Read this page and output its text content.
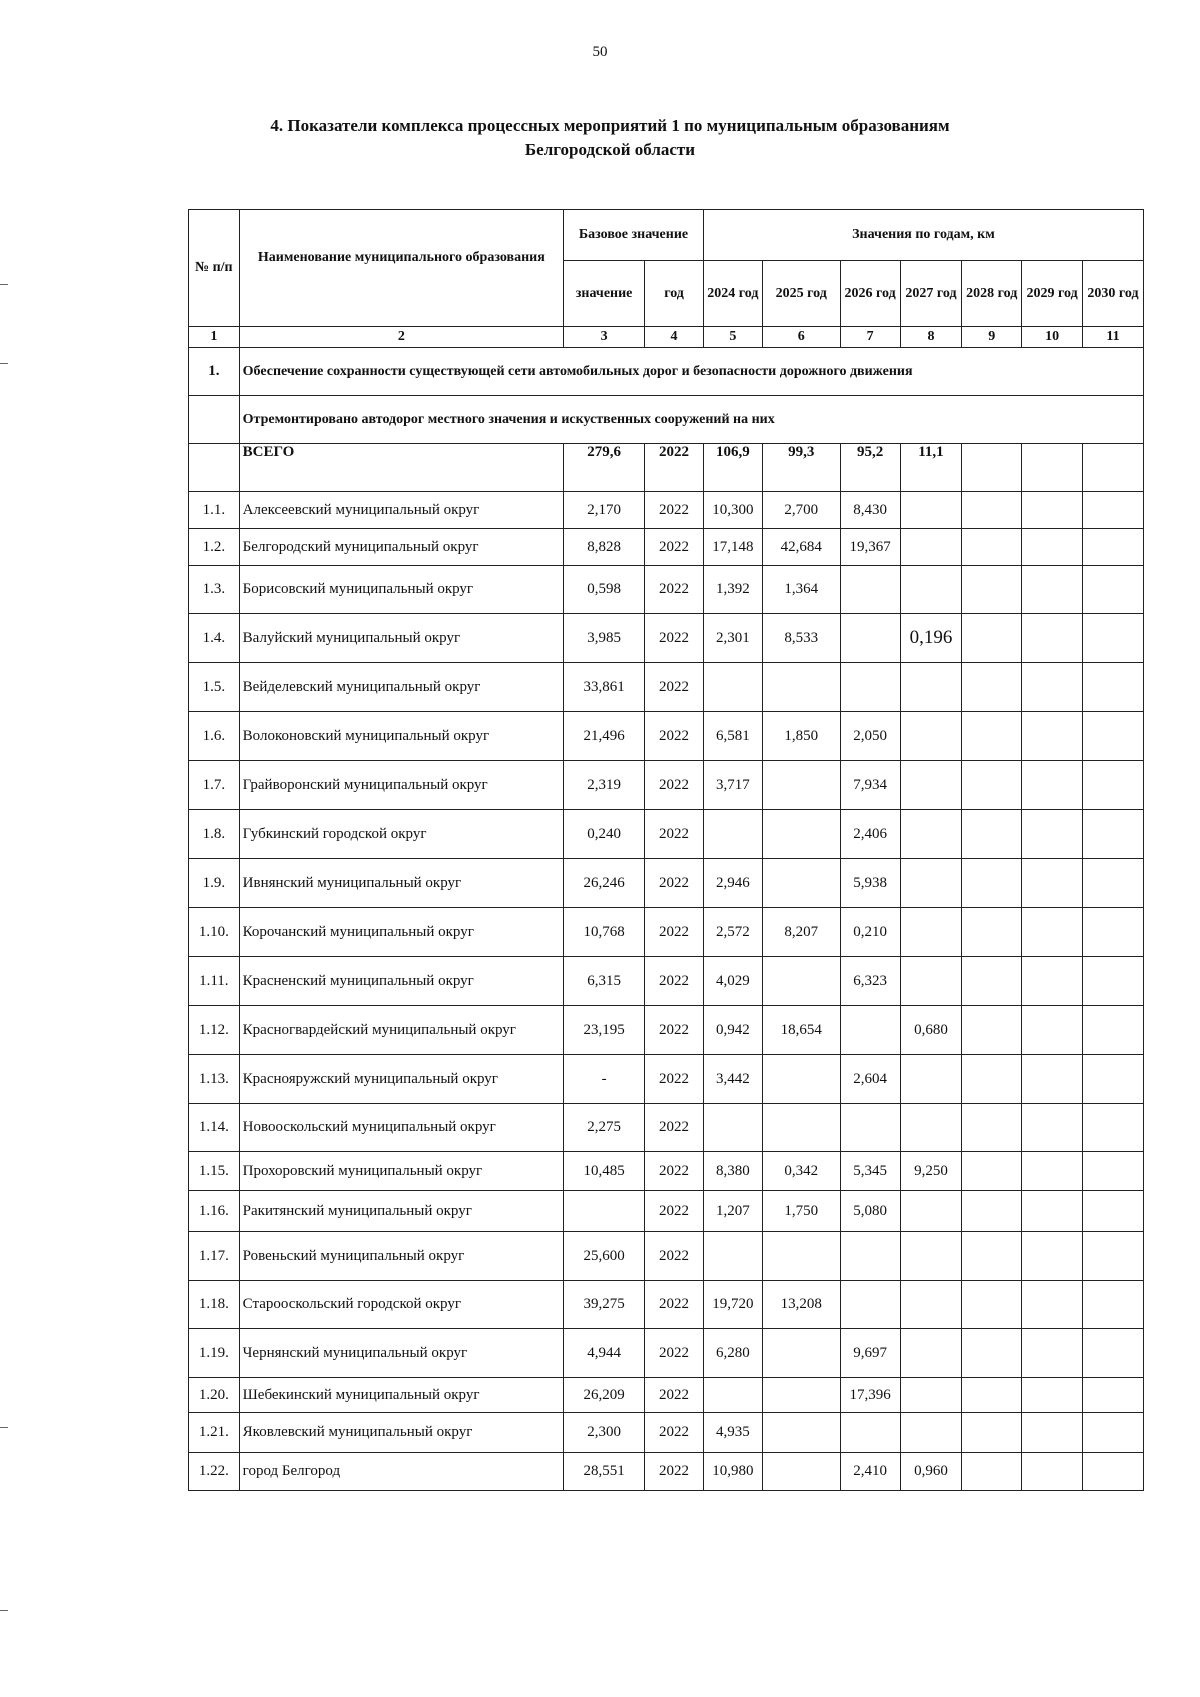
50
4. Показатели комплекса процессных мероприятий 1 по муниципальным образованиям
Белгородской области
№ п/п	Наименование муниципального образования	Базовое значение		Значения по годам, км						
		значение	год	2024 год	2025 год	2026 год	2027 год	2028 год	2029 год	2030 год
1	2	3	4	5	6	7	8	9	10	11
1.	Обеспечение сохранности существующей сети автомобильных дорог и безопасности дорожного движения									
	Отремонтировано автодорог местного значения и искуственных сооружений на них									
	ВСЕГО	279,6	2022	106,9	99,3	95,2	11,1			
1.1.	Алексеевский муниципальный округ	2,170	2022	10,300	2,700	8,430				
1.2.	Белгородский муниципальный округ	8,828	2022	17,148	42,684	19,367				
1.3.	Борисовский муниципальный округ	0,598	2022	1,392	1,364					
1.4.	Валуйский муниципальный округ	3,985	2022	2,301	8,533		0,196			
1.5.	Вейделевский муниципальный округ	33,861	2022							
1.6.	Волоконовский муниципальный округ	21,496	2022	6,581	1,850	2,050				
1.7.	Грайворонский муниципальный округ	2,319	2022	3,717		7,934				
1.8.	Губкинский городской округ	0,240	2022			2,406				
1.9.	Ивнянский муниципальный округ	26,246	2022	2,946		5,938				
1.10.	Корочанский муниципальный округ	10,768	2022	2,572	8,207	0,210				
1.11.	Красненский муниципальный округ	6,315	2022	4,029		6,323				
1.12.	Красногвардейский муниципальный округ	23,195	2022	0,942	18,654		0,680			
1.13.	Краснояружский муниципальный округ	-	2022	3,442		2,604				
1.14.	Новооскольский муниципальный округ	2,275	2022							
1.15.	Прохоровский муниципальный округ	10,485	2022	8,380	0,342	5,345	9,250			
1.16.	Ракитянский муниципальный округ		2022	1,207	1,750	5,080				
1.17.	Ровеньский муниципальный округ	25,600	2022							
1.18.	Старооскольский городской округ	39,275	2022	19,720	13,208					
1.19.	Чернянский муниципальный округ	4,944	2022	6,280		9,697				
1.20.	Шебекинский муниципальный округ	26,209	2022			17,396				
1.21.	Яковлевский муниципальный округ	2,300	2022	4,935						
1.22.	город Белгород	28,551	2022	10,980		2,410	0,960			
